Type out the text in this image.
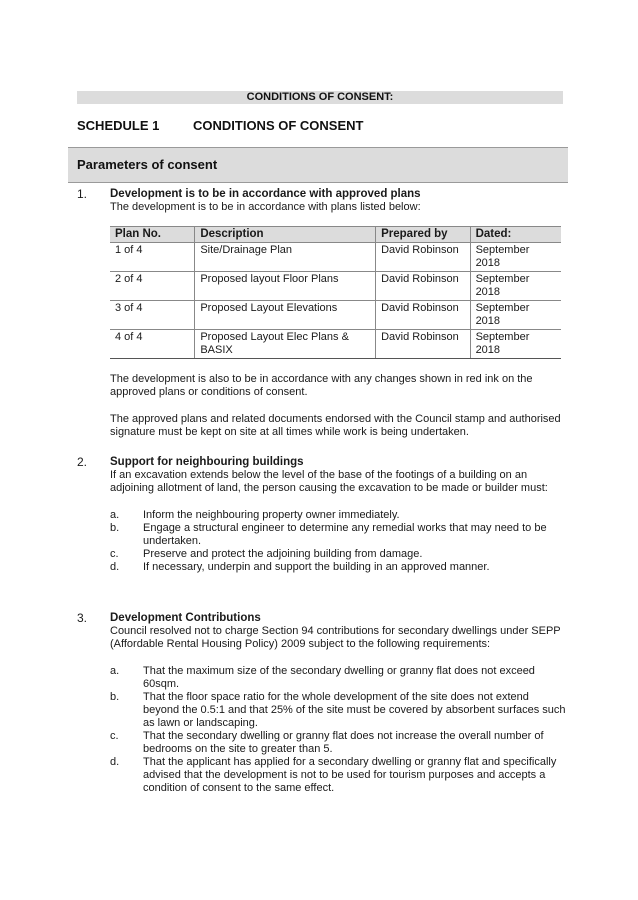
CONDITIONS OF CONSENT:
SCHEDULE 1	CONDITIONS OF CONSENT
Parameters of consent
1. Development is to be in accordance with approved plans

The development is to be in accordance with plans listed below:

Plan No.	Description	Prepared by	Dated:
1 of 4	Site/Drainage Plan	David Robinson	September 2018
2 of 4	Proposed layout Floor Plans	David Robinson	September 2018
3 of 4	Proposed Layout Elevations	David Robinson	September 2018
4 of 4	Proposed Layout Elec Plans & BASIX	David Robinson	September 2018

The development is also to be in accordance with any changes shown in red ink on the approved plans or conditions of consent.

The approved plans and related documents endorsed with the Council stamp and authorised signature must be kept on site at all times while work is being undertaken.

2. Support for neighbouring buildings

If an excavation extends below the level of the base of the footings of a building on an adjoining allotment of land, the person causing the excavation to be made or builder must:

a. Inform the neighbouring property owner immediately.
b. Engage a structural engineer to determine any remedial works that may need to be undertaken.
c. Preserve and protect the adjoining building from damage.
d. If necessary, underpin and support the building in an approved manner.
3. Development Contributions

Council resolved not to charge Section 94 contributions for secondary dwellings under SEPP (Affordable Rental Housing Policy) 2009 subject to the following requirements:

a. That the maximum size of the secondary dwelling or granny flat does not exceed 60sqm.
b. That the floor space ratio for the whole development of the site does not extend beyond the 0.5:1 and that 25% of the site must be covered by absorbent surfaces such as lawn or landscaping.
c. That the secondary dwelling or granny flat does not increase the overall number of bedrooms on the site to greater than 5.
d. That the applicant has applied for a secondary dwelling or granny flat and specifically advised that the development is not to be used for tourism purposes and accepts a condition of consent to the same effect.
